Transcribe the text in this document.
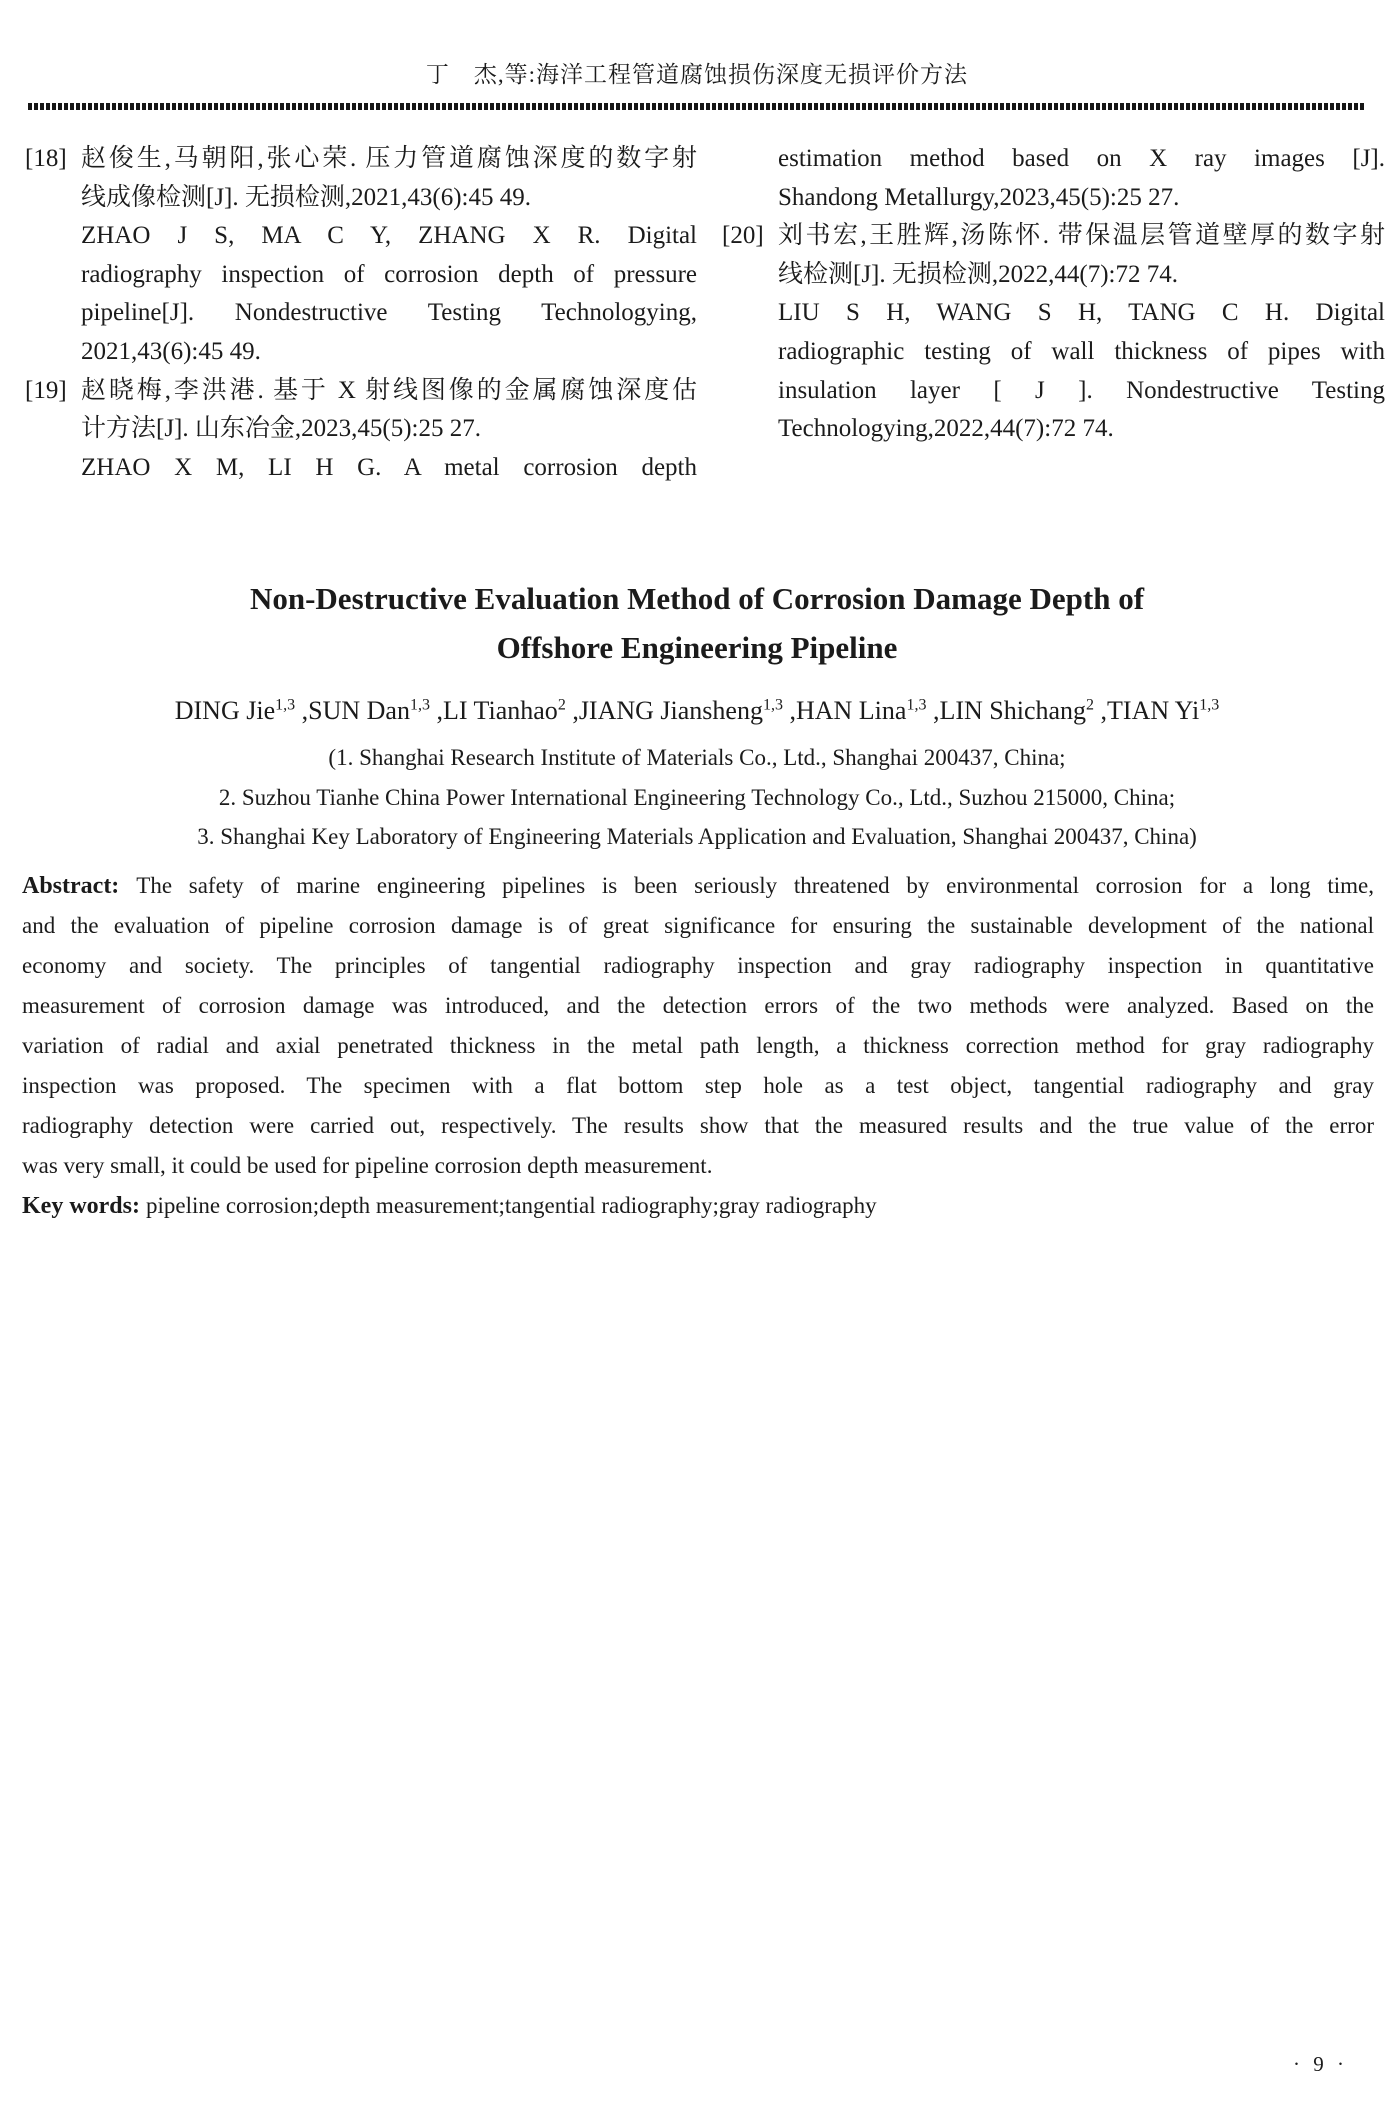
丁　杰,等:海洋工程管道腐蚀损伤深度无损评价方法
[18] 赵俊生,马朝阳,张心荣. 压力管道腐蚀深度的数字射
线成像检测[J]. 无损检测,2021,43(6):45 49.
ZHAO J S, MA C Y, ZHANG X R. Digital
radiography inspection of corrosion depth of pressure
pipeline[J]. Nondestructive Testing Technologying,
2021,43(6):45 49.
[19] 赵晓梅,李洪港. 基于 X 射线图像的金属腐蚀深度估
计方法[J]. 山东冶金,2023,45(5):25 27.
ZHAO X M, LI H G. A metal corrosion depth
estimation method based on X ray images [J].
Shandong Metallurgy,2023,45(5):25 27.
[20] 刘书宏,王胜辉,汤陈怀. 带保温层管道壁厚的数字射
线检测[J]. 无损检测,2022,44(7):72 74.
LIU S H, WANG S H, TANG C H. Digital
radiographic testing of wall thickness of pipes with
insulation layer [ J ]. Nondestructive Testing
Technologying,2022,44(7):72 74.
Non-Destructive Evaluation Method of Corrosion Damage Depth of
Offshore Engineering Pipeline
DING Jie$^{1,3}$ ,SUN Dan$^{1,3}$ ,LI Tianhao$^2$ ,JIANG Jiansheng$^{1,3}$ ,HAN Lina$^{1,3}$ ,LIN Shichang$^2$ ,TIAN Yi$^{1,3}$
(1. Shanghai Research Institute of Materials Co., Ltd., Shanghai 200437, China;
2. Suzhou Tianhe China Power International Engineering Technology Co., Ltd., Suzhou 215000, China;
3. Shanghai Key Laboratory of Engineering Materials Application and Evaluation, Shanghai 200437, China)
Abstract: The safety of marine engineering pipelines is been seriously threatened by environmental corrosion for a long time,
and the evaluation of pipeline corrosion damage is of great significance for ensuring the sustainable development of the national
economy and society. The principles of tangential radiography inspection and gray radiography inspection in quantitative
measurement of corrosion damage was introduced, and the detection errors of the two methods were analyzed. Based on the
variation of radial and axial penetrated thickness in the metal path length, a thickness correction method for gray radiography
inspection was proposed. The specimen with a flat bottom step hole as a test object, tangential radiography and gray
radiography detection were carried out, respectively. The results show that the measured results and the true value of the error
was very small, it could be used for pipeline corrosion depth measurement.
Key words: pipeline corrosion;depth measurement;tangential radiography;gray radiography
· 9 ·
